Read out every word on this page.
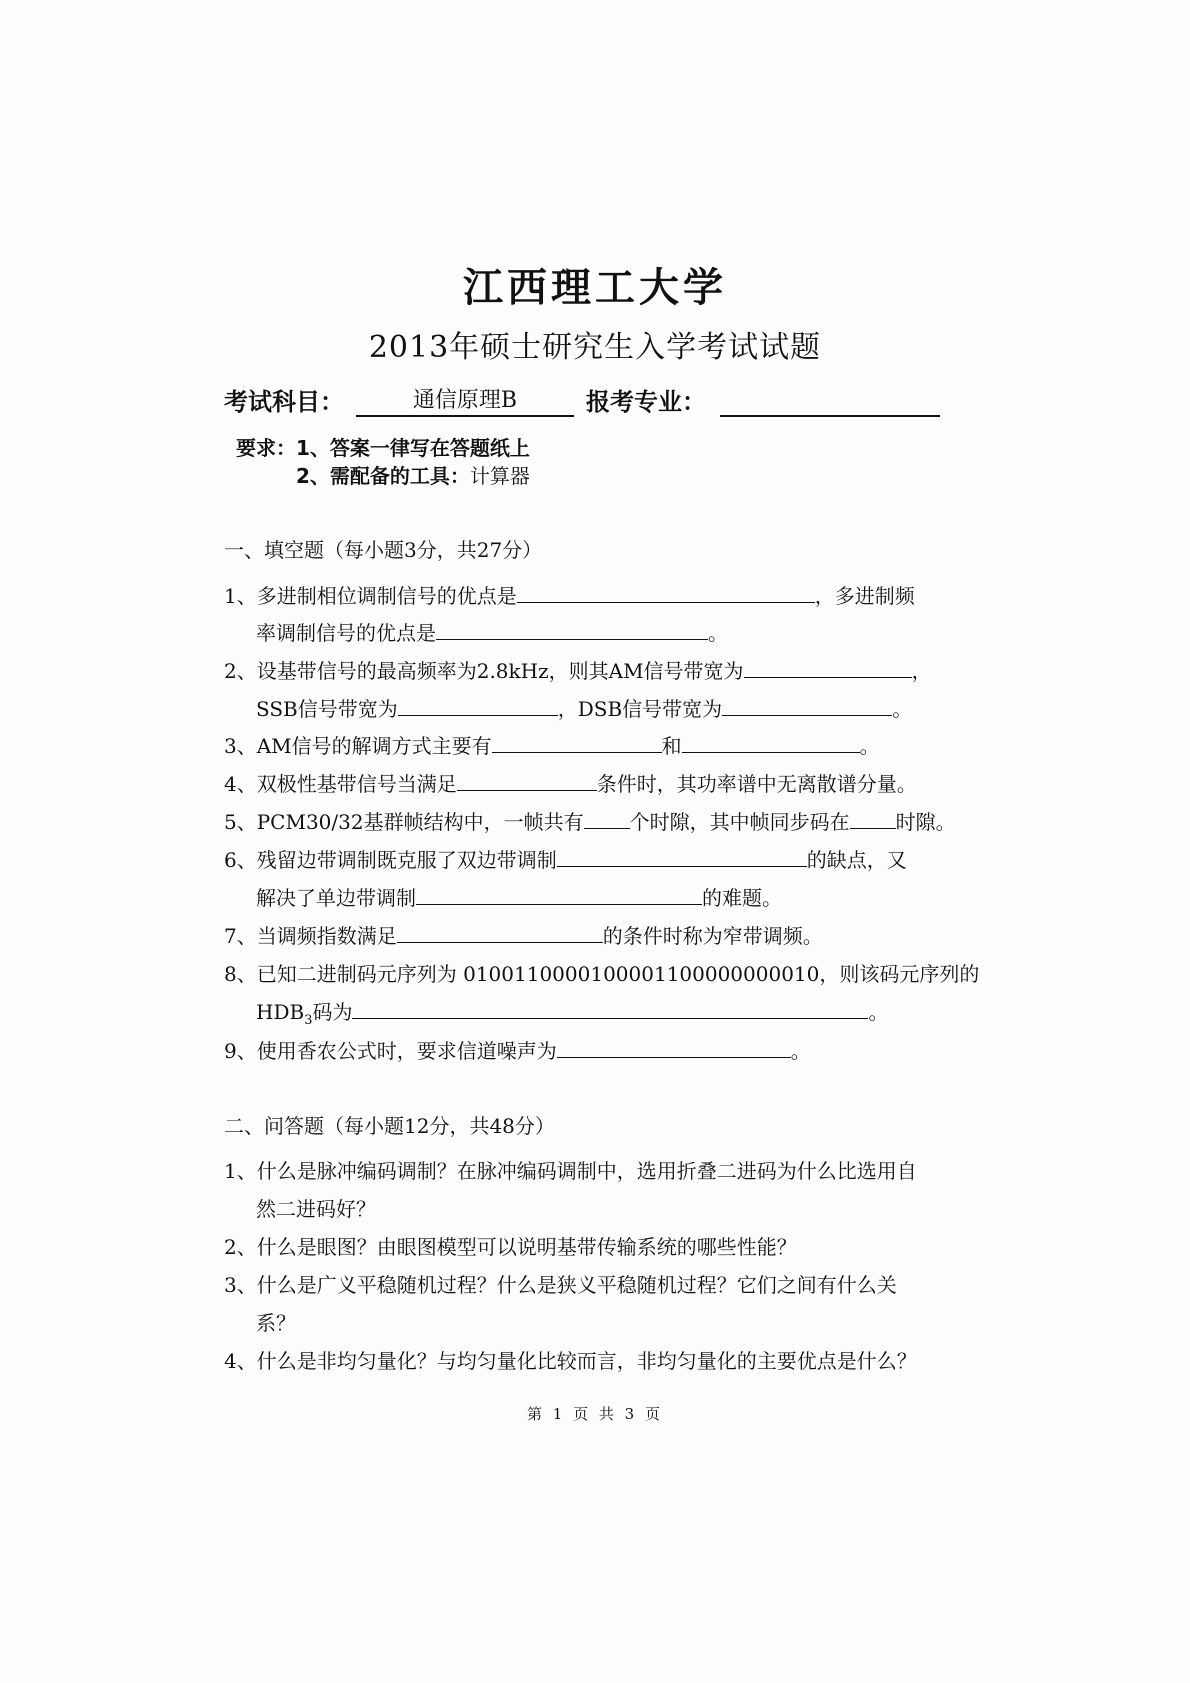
江西理工大学
2013年硕士研究生入学考试试题
考试科目：	通信原理B	报考专业：
要求：1、答案一律写在答题纸上
2、需配备的工具：计算器
一、填空题（每小题3分，共27分）
1、多进制相位调制信号的优点是	，多进制频
率调制信号的优点是	。
2、设基带信号的最高频率为2.8kHz，则其AM信号带宽为	，
SSB信号带宽为	，DSB信号带宽为	。
3、AM信号的解调方式主要有	和	。
4、双极性基带信号当满足	条件时，其功率谱中无离散谱分量。
5、PCM30/32基群帧结构中，一帧共有 个时隙，其中帧同步码在 时隙。
6、残留边带调制既克服了双边带调制	的缺点，又
解决了单边带调制	的难题。
7、当调频指数满足	的条件时称为窄带调频。
8、已知二进制码元序列为 0100110000100001100000000010，则该码元序列的
$HDB_3$码为	。
9、使用香农公式时，要求信道噪声为	。
二、问答题（每小题12分，共48分）
1、什么是脉冲编码调制？在脉冲编码调制中，选用折叠二进码为什么比选用自
然二进码好？
2、什么是眼图？由眼图模型可以说明基带传输系统的哪些性能？
3、什么是广义平稳随机过程？什么是狭义平稳随机过程？它们之间有什么关
系？
4、什么是非均匀量化？与均匀量化比较而言，非均匀量化的主要优点是什么？
第 1 页 共 3 页
